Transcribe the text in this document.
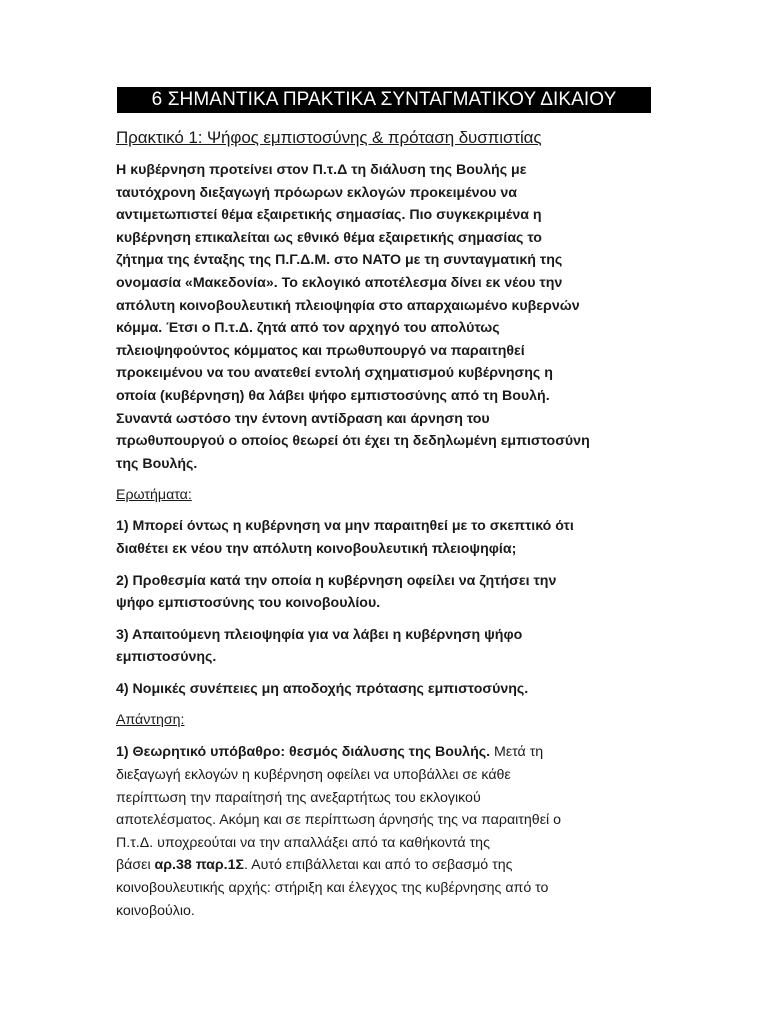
6 ΣΗΜΑΝΤΙΚΑ ΠΡΑΚΤΙΚΑ ΣΥΝΤΑΓΜΑΤΙΚΟΥ ΔΙΚΑΙΟΥ
Πρακτικό 1: Ψήφος εμπιστοσύνης & πρόταση δυσπιστίας
Η κυβέρνηση προτείνει στον Π.τ.Δ τη διάλυση της Βουλής με
ταυτόχρονη διεξαγωγή πρόωρων εκλογών προκειμένου να
αντιμετωπιστεί θέμα εξαιρετικής σημασίας. Πιο συγκεκριμένα η
κυβέρνηση επικαλείται ως εθνικό θέμα εξαιρετικής σημασίας το
ζήτημα της ένταξης της Π.Γ.Δ.Μ. στο ΝΑΤΟ με τη συνταγματική της
ονομασία «Μακεδονία». Το εκλογικό αποτέλεσμα δίνει εκ νέου την
απόλυτη κοινοβουλευτική πλειοψηφία στο απαρχαιωμένο κυβερνών
κόμμα. Έτσι ο Π.τ.Δ. ζητά από τον αρχηγό του απολύτως
πλειοψηφούντος κόμματος και πρωθυπουργό να παραιτηθεί
προκειμένου να του ανατεθεί εντολή σχηματισμού κυβέρνησης η
οποία (κυβέρνηση) θα λάβει ψήφο εμπιστοσύνης από τη Βουλή.
Συναντά ωστόσο την έντονη αντίδραση και άρνηση του
πρωθυπουργού ο οποίος θεωρεί ότι έχει τη δεδηλωμένη εμπιστοσύνη
της Βουλής.
Ερωτήματα:
1) Μπορεί όντως η κυβέρνηση να μην παραιτηθεί με το σκεπτικό ότι
διαθέτει εκ νέου την απόλυτη κοινοβουλευτική πλειοψηφία;
2) Προθεσμία κατά την οποία η κυβέρνηση οφείλει να ζητήσει την
ψήφο εμπιστοσύνης του κοινοβουλίου.
3) Απαιτούμενη πλειοψηφία για να λάβει η κυβέρνηση ψήφο
εμπιστοσύνης.
4) Νομικές συνέπειες μη αποδοχής πρότασης εμπιστοσύνης.
Απάντηση:
1) Θεωρητικό υπόβαθρο: θεσμός διάλυσης της Βουλής. Μετά τη
διεξαγωγή εκλογών η κυβέρνηση οφείλει να υποβάλλει σε κάθε
περίπτωση την παραίτησή της ανεξαρτήτως του εκλογικού
αποτελέσματος. Ακόμη και σε περίπτωση άρνησής της να παραιτηθεί ο
Π.τ.Δ. υποχρεούται να την απαλλάξει από τα καθήκοντά της
βάσει αρ.38 παρ.1Σ. Αυτό επιβάλλεται και από το σεβασμό της
κοινοβουλευτικής αρχής: στήριξη και έλεγχος της κυβέρνησης από το
κοινοβούλιο.
